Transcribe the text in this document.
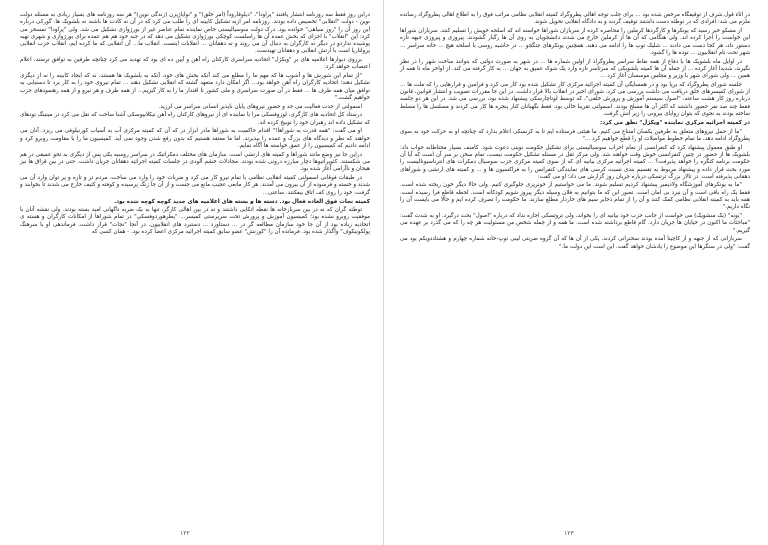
دراین روز فقط سه روزنامه انتشار یافتند "پراودا"، "دیلوقاروداً (امر خلق)" و "نوایاژیزن (زندگی نوین)" هر سه روزنامه های بسیار زیادی به مسئله دولت نوین - دولت "انقلابی" تخصیص داده بودند. روزنامه امر ازبه تشکیل کابینه ای را طلب می کرد که در آن نه کادت ها باشند نه بلشویک ها. گورکی درباره این روز آن را "روز سیاهی" خوانده بود. درک دولت سوسیالیستی خاص نماینده تمام عناصر غیر از بورژوازی تشکیل می شد. ولی "پراودا" تمسخر می کرد: این "انقلاب" با اجزای که بخش عمده آن ها راسلست کوچکی بورژوازی تشکیل می دهد که در جبه خود هم هم عمده برای بورژوازی و شهری تهیه پوشیده نداردو در دیگر نه کارگران به دنبال آن می روند و نه دهقانان ... انقلابات اینست. انقلاب ما... آن انقلابی که ما کرده ایم، انقلاب حزب انقلابی پرولتاریا است با ارتش انقلابی و دهقانان تهیدست.

برزوی دیوارها اعلامیه های بر "ویکژل" اتحادیه سراسری کارکنان راه آهن و آیین ده ای بود که تهدید می کرد چنانچه طرفین به توافق نرسند، اعلام اعتصاب خواهد کرد:

"از تمام این شورش ها و آشوب ها که مهم ما را مطلع می کند آنکه بخش های خود، آنکه به بلشویک ها هستند، نه که ایجاد کابینه را نه از دیگری تشکیل دهند؛ اتحادیه کارگران راه آهن خواهد بود... اگر امکان دارد متعهد گشته که انقلابی تشکیل دهند ... تمام نیروی خود را به کار برد تا دستیابی به توافق میان همه طرف ها ... فقط در آن صورت سراسری و ملی کشور تا اقتدار ما را به کار گیریم... از همه طرف و هر نیرو و از همه رهنمودهای حزب خواهیم گشت."

اسمولنی از حدت فعالیت می جد و حضور نیروهای پایان ناپذیر انسانی سراسر می لرزید.

درستاد کل اتحادیه های کارگری، لوزوفسکی مرا با نماینده ای از نیروهای کارکنان راه آهن نیکلاییوسکی آشنا ساخت که نقل می کرد در مینینگ تودهای که تشکیل داده اند رهبران خود را توبیخ کرده اند.

او می گفت: "همه قدرت به شوراها!" اقدام حاکمیت به شوراها مادر ابزار در که آن که کمیته مرکزی آب به آسیاب کورنیلوفی می ریزد. آنان می خواهند که نظر و دیدگاه های بزرگ و عمده را بپذیرند. اما ما معتقد هستیم که بدون رفع شدن وجود نمی آید. کمیسیون ما را با مقاومت روبرو کرد و ادامه دادیم که کمیسیون را از عمق خواسته ها آگاه نمایم.

دراین جا نیز وضع مانند شوراها و کمیته های ارتشی است. سازمان های مختلف دمکراتیک در سراسر روسیه یکی پس از دیگری به تحو عمیقی در هم می شکستند. کئوپراتیوها دچار مبارزه درونی شده بودند. مجادلات خشم آلودی در جلسات کمیته اجرائیه دهقانان جریان داشت. حتی در بین قزاق ها نیز هیجان و ناآرامی آغاز شده بود.

در طبقات فوقانی اسمولنی کمیته انقلابی نظامی با تمام نیرو کار می کرد و ضربات خود را وارد می ساخت. مردم تر و تازه و پر توان وارد آن می شدند و خسته و فرسوده از آن بیرون می آمدند. هر کار مانعی عجیب مانع می جست و از آن جا زنگ پرسیده و کوفته و کثیف خارج می شدند تا بخوابند و گرفت، خود را روی کف اتاق بیفکنند. ساعتی...

کمیته نجات فوق العاده فعال بود. دسته ها و بسته های اعلامیه های جدید کوچه کوچه شده بود.

توطئه گران که نه در بین سربازخانه ها نقطه اتکایی داشتند و نه در بین اهالی کارگر، تنها به یک ضربه ناگهانی امید بسته بودند. ولی نقشه آنان با موفقیت روبرو نشده بود؛ کمیسیون آموزش و پرورش تحت سرپرستی کمیسر... "پطرهوردوفسکی" در تمام شوراها از امکانات کارگران و هسته ی اتحادیه زیاده بود از آن جا خود سازمان مطالعه گر در ... دستاورد ... دستبرد های انقلابیون. در آنجا "نجات" قرار داشت. فرماندهی او با سرهنگ پولکونیکوف" واگذار شده بود. فرمانده آن را "کورنش" عضو سابق کمیته اجرائیه مرکزی اعضا کرده بود. - همان کسی که

۱۲۲

در اثاء قول شرف از توقیفگاه مرخص شده بود ... برای جلب توجه اهالی پطروگراد کمیته انقلابی نظامی مراتب فوق را به اطلاع اهالی پطروگراد رسانده ملزم می شد: افرادی که در توطئه دست داشتند توقیف گردند و به دادگاه انقلابی تحویل شوند.

از مسکو خبر رسید که یونکرها و کارگردها کرملین را محاصره کرده از سربازان شوراها خواسته اند که اسلحه خویش را تسلیم کنند. سربازان شوراها این خواست را اجرا کرده اند. ولی هنگامی که آن ها از کرملین خارج می شدند دانشجویان به روی آن ها رگبار گشودند. پیروزی و پیروزی جبهه تازه دستور داد، هر کجا دست می دادند ... شلیک توپ ها را ادامه می دهند. همچنین یونکرهای جنگجو ... در حاشیه روسی با اسلحه هیچ ... خانه سراسر ... شهر تحت نام انقلابیون ... توده ها را گشود.

در اوایل ماه بلشویک ها با دفاع از همه نقاط سراسر پطروگراد از اولین شماره ها ... در شهر به صورت دولتی که بتوانند ساخت شهر را در نظر بگیرند، شدیدا آغاز کرده ... از جمله آن ها کمیته بلشویکی که سرتاسر تازه وارد یک شوک عمیق به جهان ... به کار گرفته می کند. از اواخر ماه تا همه از همین ... ولی شورای شهر با وزیر و مجلس موسسان آغاز کرد ...

جلسه شورای پطروگراد که برپا بود و در همسایگی آن کمیته اجرائیه مرکزی کار تشکیل شده بود کار می کرد و فرامین و قرارهایی را که ملت ها ... از شورای کمیسرهای خلق دریافت می داشت بررسی می کرد. شورای اخیر در انقلاب بالا قرار داشت. در این جا مقررات تصویب و انتشار قوانین، قانون درباره روز کار هشت ساعته، "اصول سیستم آموزش و پرورش خلقی"، که توسط لوناچارسکی پیشنهاد شده بود، بررسی می شد. در این هر دو جلسه فقط چند صد نفر حضور داشتند که اکثر آن ها مسلح بودند. اسمولنی تقریبا خالی بود. فقط نگهبانان کنار پنجره ها کار می کردند و مسلسل ها را مسلط ساخته بودند به نحوی که بتوان زوایای بیرونی را زیر آتش گرفت.

در کمیته اجرائیه مرکزی نماینده "ویکژل" نطق می کرد:

"ما از حمل نیروهای متعلق به طرفین یکسان امتناع می کنیم. ما هیئتی فرستاده ایم تا به کرنسکی اعلام بدارد که چنانچه او به حرکت خود به سوی پطروگراد ادامه دهد، ما تمام خطوط مواصلات او را قطع خواهیم کرد ..."

او طبق معمول پیشنهاد کرد که کنفرانسی از تمام احزاب سوسیالیستی برای تشکیل حکومت نوینی دعوت شود. کامنف بسیار محتاطانه جواب داد: بلشویک ها از حضور در چنین کنفرانسی خوش وقت خواهند شد. ولی مرکز ثقل در مسئله تشکیل حکومت نیست، تمام سخن بر سر آن است که آیا آن حکومت برنامه کنگره را خواهد پذیرفت؟ ... کمیته اجرائیه مرکزی بیانیه ای که از سوی کمیته مرکزی حزب سوسیال دمکرات های انترناسیونالیست را مورد بحث قرار داده و پیشنهاد مربوط به تقسیم بندی نسبت کرسی های نمایندگی کنفرانس را به فراکسیون ها و ... و کمیته های ارتشی و شوراهای دهقانی پذیرفته است. در تالار بزرگ ترتسکی درباره جریان روز گزارش می داد؛ او می گفت:

"ما به یونکرهای آموزشگاه ولادیمیر پیشنهاد کردیم تسلیم شوند. ما می خواستیم از خونریزی جلوگیری کنیم. ولی حالا دیگر خون ریخته شده است. فقط یک راه باقی است و آن نبرد بی امان است. تصور این که ما بتوانیم به فلان وسیله دیگر پیروز شویم کودکانه است. لحظه قاطع فرا رسیده است. همه باید به کمیته انقلابی نظامی کمک کنند و آن را از تمام ذخایر سیم های خاردار مطلع سازند. ما حکومت را تصرف کرده ایم و حالا می بایست آن را نگاه داریم."

"یونه" (یک منشویک) می خواست از جانب حزب خود بیانیه ای را بخواند، ولی تروتسکی اجازه نداد که درباره "اصول" بحث درگیرد. او به شدت گفت: "مباحثات ما اکنون در خیابان ها جریان دارد. گام قاطع برداشته شده است. ما همه و از جمله شخص من مسئولیت هر چه را که می گذرد بر عهده می گیریم."

سربازانی که از جبهه و از کاچینا آمده بودند سخنرانی کردند. یکی از آن ها که آن گروه ضربتی لیبی توپ-خانه شماره چهارم و هشتاددویکم بود می گفت: "ولی در سنگرها این موضوع را یادشان خواهد گفت. این است این دولت ما."

۱۲۳
